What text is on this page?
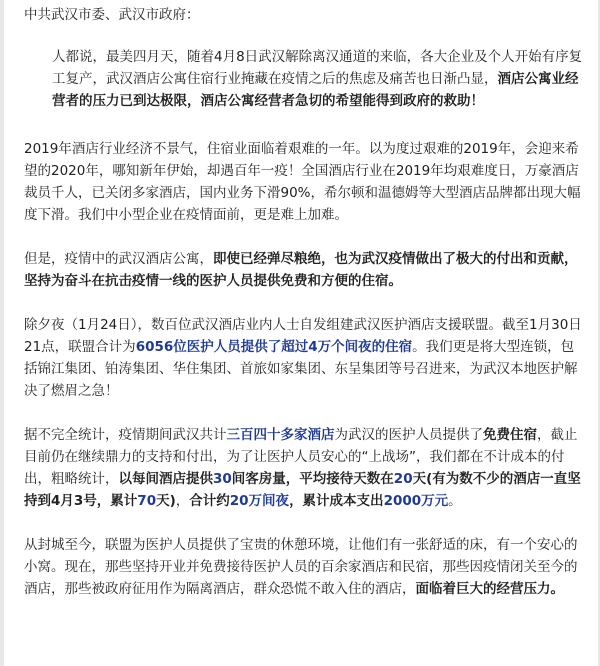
中共武汉市委、武汉市政府：

人都说，最美四月天，随着4月8日武汉解除离汉通道的来临，各大企业及个人开始有序复工复产，武汉酒店公寓住宿行业掩藏在疫情之后的焦虑及痛苦也日渐凸显，酒店公寓业经营者的压力已到达极限，酒店公寓经营者急切的希望能得到政府的救助！

2019年酒店行业经济不景气，住宿业面临着艰难的一年。以为度过艰难的2019年，会迎来希望的2020年，哪知新年伊始，却遇百年一疫！全国酒店行业在2019年均艰难度日，万豪酒店裁员千人，已关闭多家酒店，国内业务下滑90%，希尔顿和温德姆等大型酒店品牌都出现大幅度下滑。我们中小型企业在疫情面前，更是难上加难。

但是，疫情中的武汉酒店公寓，即使已经弹尽粮绝，也为武汉疫情做出了极大的付出和贡献，坚持为奋斗在抗击疫情一线的医护人员提供免费和方便的住宿。

除夕夜（1月24日），数百位武汉酒店业内人士自发组建武汉医护酒店支援联盟。截至1月30日21点，联盟合计为6056位医护人员提供了超过4万个间夜的住宿。我们更是将大型连锁，包括锦江集团、铂涛集团、华住集团、首旅如家集团、东呈集团等号召进来，为武汉本地医护解决了燃眉之急！

据不完全统计，疫情期间武汉共计三百四十多家酒店为武汉的医护人员提供了免费住宿，截止目前仍在继续鼎力的支持和付出，为了让医护人员安心的“上战场”，我们都在不计成本的付出，粗略统计，以每间酒店提供30间客房量，平均接待天数在20天(有为数不少的酒店一直坚持到4月3号，累计70天)，合计约20万间夜，累计成本支出2000万元。

从封城至今，联盟为医护人员提供了宝贵的休憩环境，让他们有一张舒适的床，有一个安心的小窝。现在，那些坚持开业并免费接待医护人员的百余家酒店和民宿，那些因疫情闭关至今的酒店，那些被政府征用作为隔离酒店，群众恐慌不敢入住的酒店，面临着巨大的经营压力。
